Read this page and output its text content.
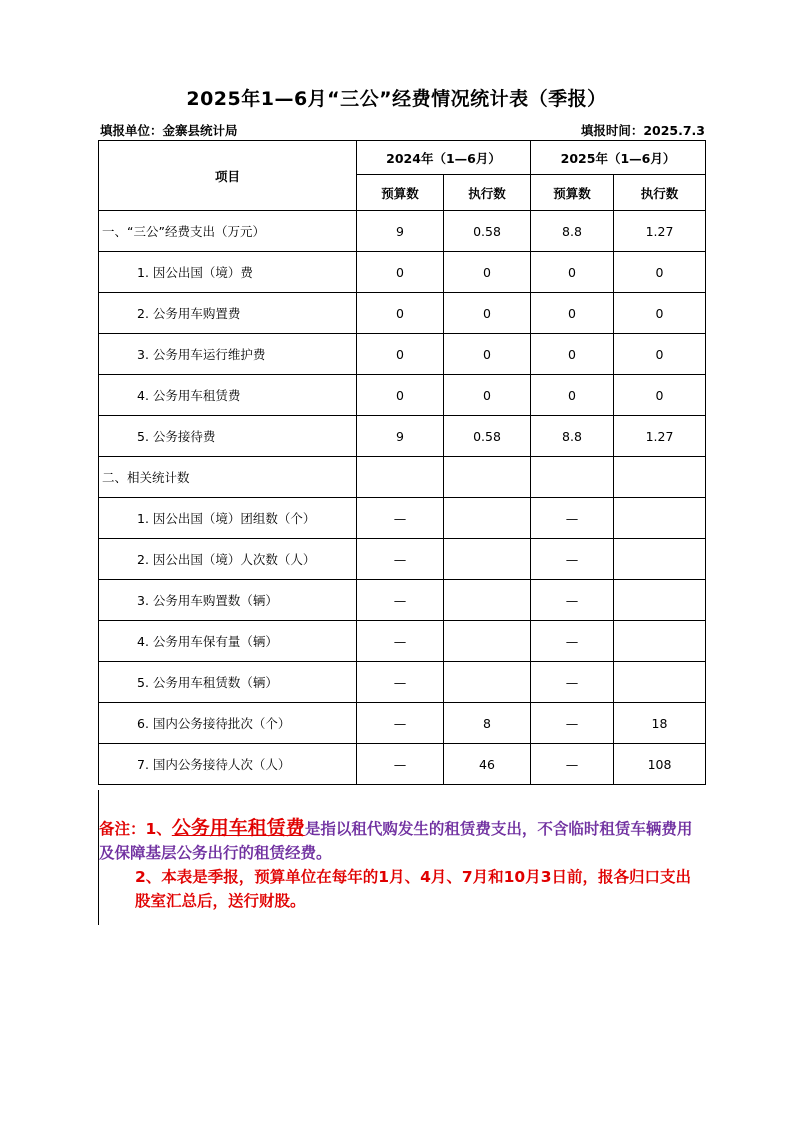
2025年1—6月“三公”经费情况统计表（季报）
填报单位：金寨县统计局	填报时间：2025.7.3
项目	2024年（1—6月）		2025年（1—6月）	
	预算数	执行数	预算数	执行数
一、“三公”经费支出（万元）	9	0.58	8.8	1.27
1. 因公出国（境）费	0	0	0	0
2. 公务用车购置费	0	0	0	0
3. 公务用车运行维护费	0	0	0	0
4. 公务用车租赁费	0	0	0	0
5. 公务接待费	9	0.58	8.8	1.27
二、相关统计数				
1. 因公出国（境）团组数（个）	—		—	
2. 因公出国（境）人次数（人）	—		—	
3. 公务用车购置数（辆）	—		—	
4. 公务用车保有量（辆）	—		—	
5. 公务用车租赁数（辆）	—		—	
6. 国内公务接待批次（个）	—	8	—	18
7. 国内公务接待人次（人）	—	46	—	108

备注：1、公务用车租赁费是指以租代购发生的租赁费支出，不含临时租赁车辆费用及保障基层公务出行的租赁经费。

2、本表是季报，预算单位在每年的1月、4月、7月和10月3日前，报各归口支出股室汇总后，送行财股。
